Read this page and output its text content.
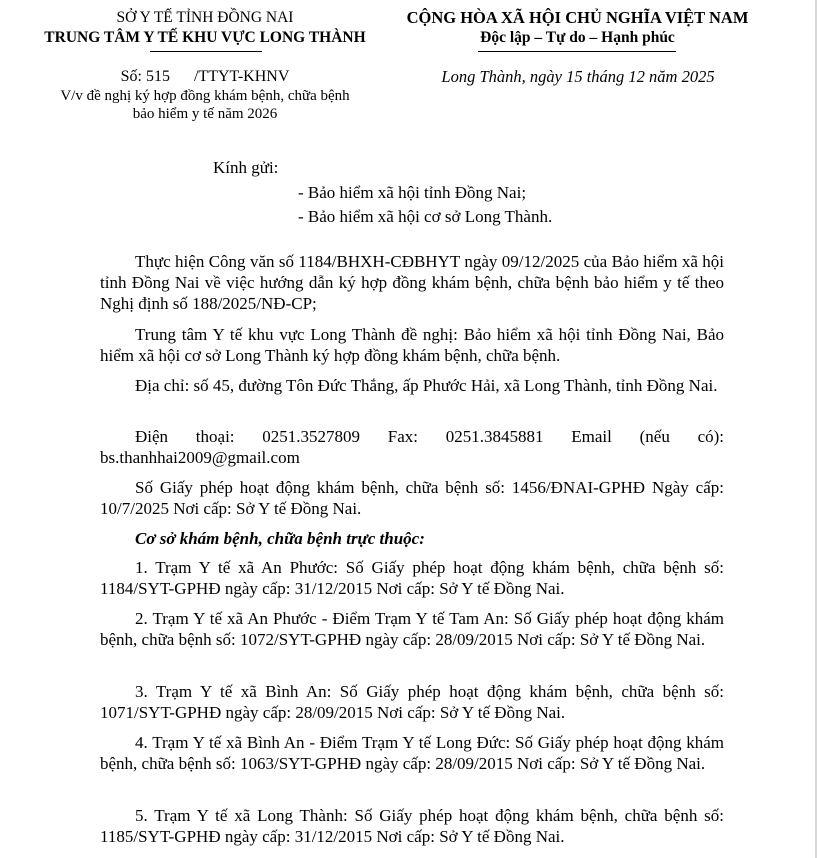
SỞ Y TẾ TỈNH ĐỒNG NAI
TRUNG TÂM Y TẾ KHU VỰC LONG THÀNH
CỘNG HÒA XÃ HỘI CHỦ NGHĨA VIỆT NAM
Độc lập – Tự do – Hạnh phúc
Số: 515      /TTYT-KHNV
V/v đề nghị ký hợp đồng khám bệnh, chữa bệnh
bảo hiểm y tế năm 2026
Long Thành, ngày 15 tháng 12 năm 2025
Kính gửi:
- Bảo hiểm xã hội tỉnh Đồng Nai;
- Bảo hiểm xã hội cơ sở Long Thành.
Thực hiện Công văn số 1184/BHXH-CĐBHYT ngày 09/12/2025 của Bảo hiểm xã hội tỉnh Đồng Nai về việc hướng dẫn ký hợp đồng khám bệnh, chữa bệnh bảo hiểm y tế theo Nghị định số 188/2025/NĐ-CP;
Trung tâm Y tế khu vực Long Thành đề nghị: Bảo hiểm xã hội tỉnh Đồng Nai, Bảo hiểm xã hội cơ sở Long Thành ký hợp đồng khám bệnh, chữa bệnh.
Địa chỉ: số 45, đường Tôn Đức Thắng, ấp Phước Hải, xã Long Thành, tỉnh Đồng Nai.
Điện thoại: 0251.3527809 Fax: 0251.3845881 Email (nếu có): bs.thanhhai2009@gmail.com
Số Giấy phép hoạt động khám bệnh, chữa bệnh số: 1456/ĐNAI-GPHĐ Ngày cấp: 10/7/2025 Nơi cấp: Sở Y tế Đồng Nai.
Cơ sở khám bệnh, chữa bệnh trực thuộc:
1. Trạm Y tế xã An Phước: Số Giấy phép hoạt động khám bệnh, chữa bệnh số: 1184/SYT-GPHĐ ngày cấp: 31/12/2015 Nơi cấp: Sở Y tế Đồng Nai.
2. Trạm Y tế xã An Phước - Điểm Trạm Y tế Tam An: Số Giấy phép hoạt động khám bệnh, chữa bệnh số: 1072/SYT-GPHĐ ngày cấp: 28/09/2015 Nơi cấp: Sở Y tế Đồng Nai.
3. Trạm Y tế xã Bình An: Số Giấy phép hoạt động khám bệnh, chữa bệnh số: 1071/SYT-GPHĐ ngày cấp: 28/09/2015 Nơi cấp: Sở Y tế Đồng Nai.
4. Trạm Y tế xã Bình An - Điểm Trạm Y tế Long Đức: Số Giấy phép hoạt động khám bệnh, chữa bệnh số: 1063/SYT-GPHĐ ngày cấp: 28/09/2015 Nơi cấp: Sở Y tế Đồng Nai.
5. Trạm Y tế xã Long Thành: Số Giấy phép hoạt động khám bệnh, chữa bệnh số: 1185/SYT-GPHĐ ngày cấp: 31/12/2015 Nơi cấp: Sở Y tế Đồng Nai.
